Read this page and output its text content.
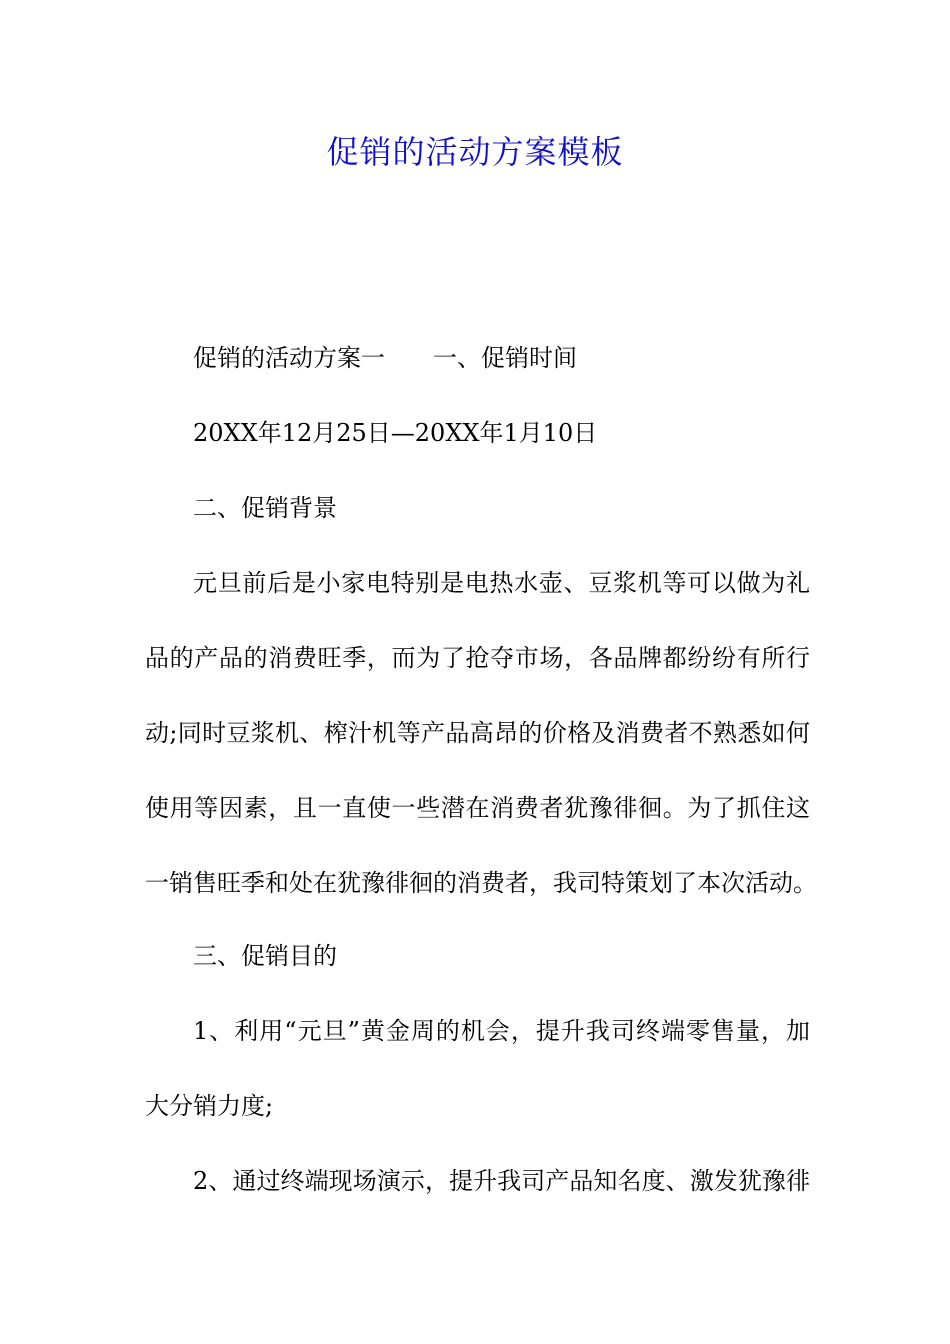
促销的活动方案模板

促销的活动方案一 一、促销时间

20XX年12月25日—20XX年1月10日

二、促销背景

元旦前后是小家电特别是电热水壶、豆浆机等可以做为礼

品的产品的消费旺季，而为了抢夺市场，各品牌都纷纷有所行

动;同时豆浆机、榨汁机等产品高昂的价格及消费者不熟悉如何

使用等因素，且一直使一些潜在消费者犹豫徘徊。为了抓住这

一销售旺季和处在犹豫徘徊的消费者，我司特策划了本次活动。

三、促销目的

1、利用“元旦”黄金周的机会，提升我司终端零售量，加

大分销力度;

2、通过终端现场演示，提升我司产品知名度、激发犹豫徘
